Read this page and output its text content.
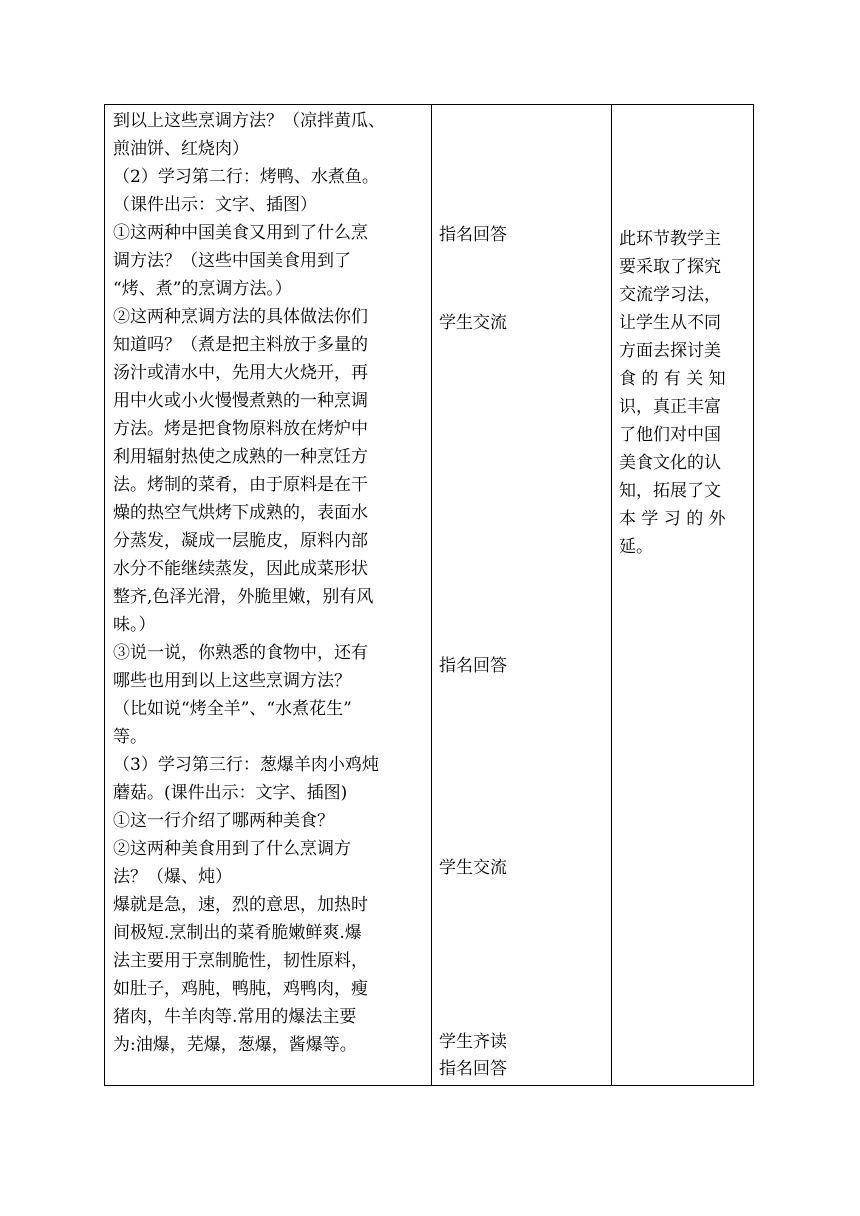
到以上这些烹调方法？（凉拌黄瓜、
煎油饼、红烧肉）
（2）学习第二行：烤鸭、水煮鱼。
（课件出示：文字、插图）
①这两种中国美食又用到了什么烹
调方法？（这些中国美食用到了
“烤、煮”的烹调方法。）
②这两种烹调方法的具体做法你们
知道吗？（煮是把主料放于多量的
汤汁或清水中，先用大火烧开，再
用中火或小火慢慢煮熟的一种烹调
方法。烤是把食物原料放在烤炉中
利用辐射热使之成熟的一种烹饪方
法。烤制的菜肴，由于原料是在干
燥的热空气烘烤下成熟的，表面水
分蒸发，凝成一层脆皮，原料内部
水分不能继续蒸发，因此成菜形状
整齐,色泽光滑，外脆里嫩，别有风
味。）
③说一说，你熟悉的食物中，还有
哪些也用到以上这些烹调方法？
（比如说“烤全羊”、“水煮花生”
等。
（3）学习第三行：葱爆羊肉小鸡炖
蘑菇。(课件出示：文字、插图)
①这一行介绍了哪两种美食？
②这两种美食用到了什么烹调方
法？（爆、炖）
爆就是急，速，烈的意思，加热时
间极短.烹制出的菜肴脆嫩鲜爽.爆
法主要用于烹制脆性，韧性原料，
如肚子，鸡肫，鸭肫，鸡鸭肉，瘦
猪肉，牛羊肉等.常用的爆法主要
为:油爆，芜爆，葱爆，酱爆等。
指名回答
学生交流
指名回答
学生交流
学生齐读
指名回答
此环节教学主
要采取了探究
交流学习法，
让学生从不同
方面去探讨美
食 的 有 关 知
识，真正丰富
了他们对中国
美食文化的认
知，拓展了文
本 学 习 的 外
延。
